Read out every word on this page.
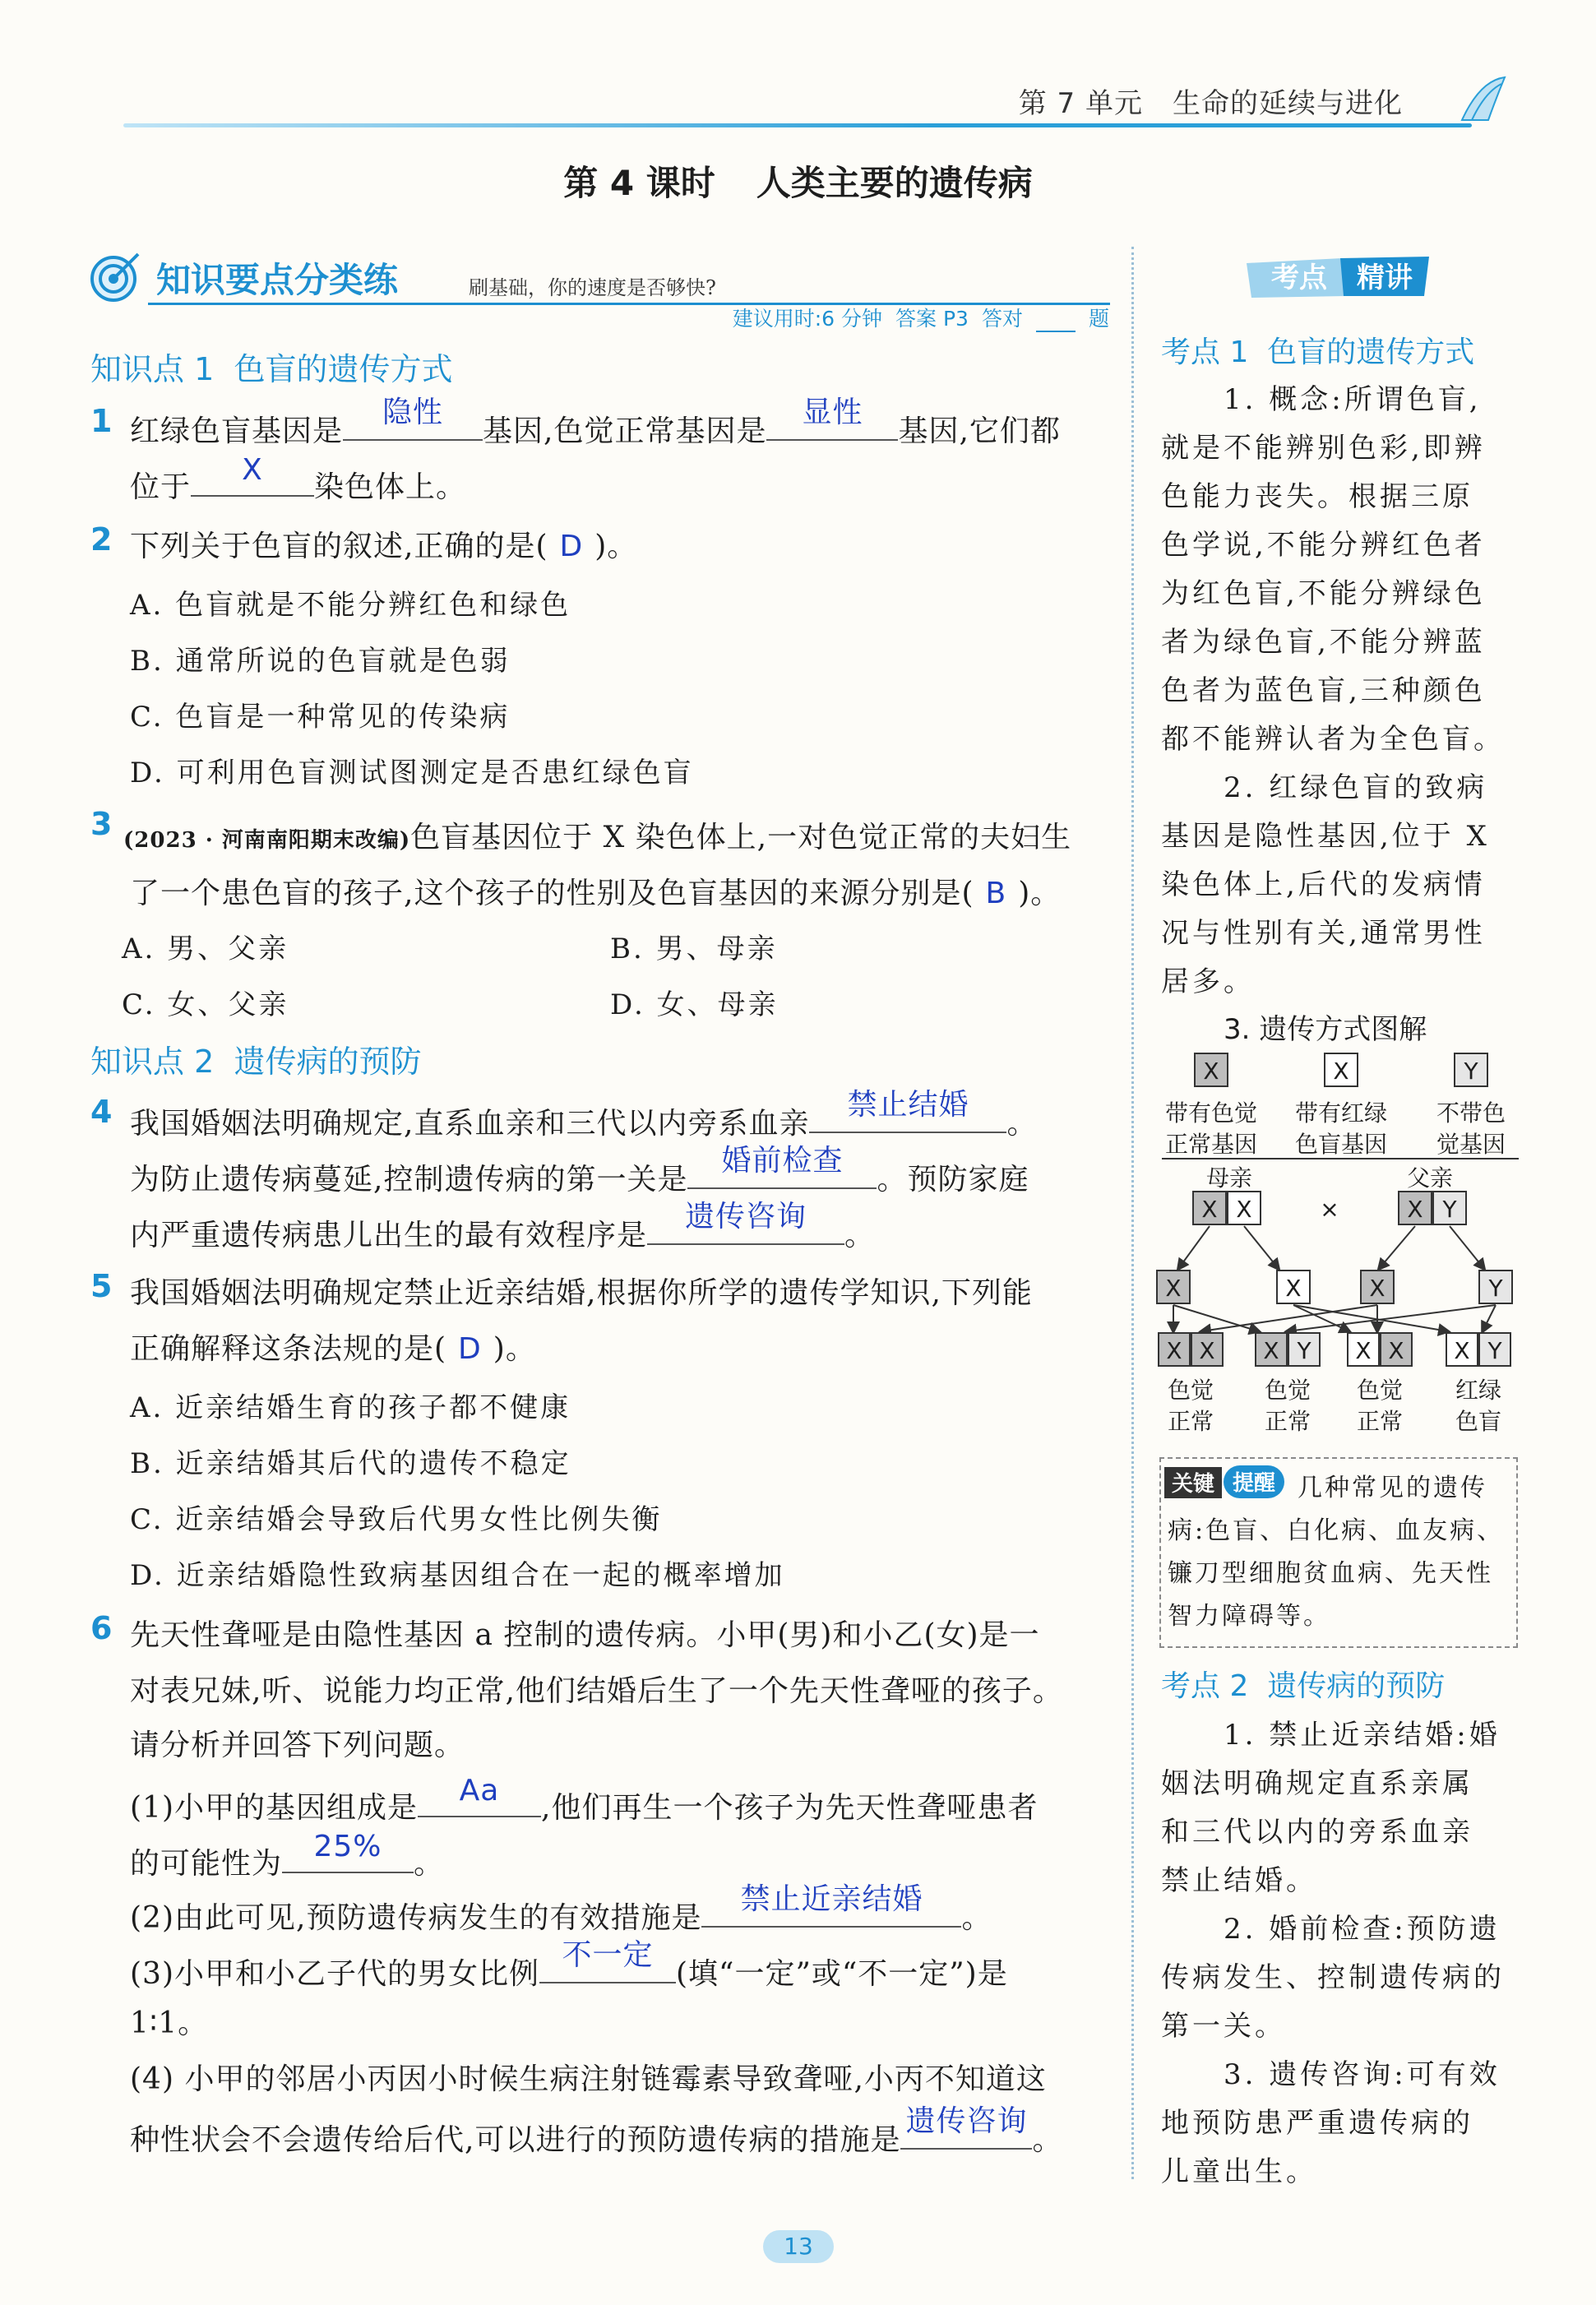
第 7 单元 生命的延续与进化
第 4 课时 人类主要的遗传病
知识要点分类练	刷基础，你的速度是否够快?
建议用时:6 分钟 答案 P3 答对	题
知识点 1 色盲的遗传方式
1 红绿色盲基因是
隐性
基因,色觉正常基因是
显性
基因,它们都
位于
X
染色体上。
2 下列关于色盲的叙述,正确的是( D )。
A. 色盲就是不能分辨红色和绿色
B. 通常所说的色盲就是色弱
C. 色盲是一种常见的传染病
D. 可利用色盲测试图测定是否患红绿色盲
3 (2023 · 河南南阳期末改编)色盲基因位于 X 染色体上,一对色觉正常的夫妇生
了一个患色盲的孩子,这个孩子的性别及色盲基因的来源分别是( B )。
A. 男、父亲	B. 男、母亲
C. 女、父亲	D. 女、母亲
知识点 2 遗传病的预防
4 我国婚姻法明确规定,直系血亲和三代以内旁系血亲
禁止结婚
。
为防止遗传病蔓延,控制遗传病的第一关是
婚前检查
。预防家庭
内严重遗传病患儿出生的最有效程序是
遗传咨询
。
5 我国婚姻法明确规定禁止近亲结婚,根据你所学的遗传学知识,下列能
正确解释这条法规的是( D )。
A. 近亲结婚生育的孩子都不健康
B. 近亲结婚其后代的遗传不稳定
C. 近亲结婚会导致后代男女性比例失衡
D. 近亲结婚隐性致病基因组合在一起的概率增加
6 先天性聋哑是由隐性基因 a 控制的遗传病。小甲(男)和小乙(女)是一
对表兄妹,听、说能力均正常,他们结婚后生了一个先天性聋哑的孩子。
请分析并回答下列问题。
(1)小甲的基因组成是
Aa
,他们再生一个孩子为先天性聋哑患者
的可能性为
25%
。
(2)由此可见,预防遗传病发生的有效措施是
禁止近亲结婚
。
(3)小甲和小乙子代的男女比例
不一定
(填“一定”或“不一定”)是
1∶1。
(4) 小甲的邻居小丙因小时候生病注射链霉素导致聋哑,小丙不知道这
种性状会不会遗传给后代,可以进行的预防遗传病的措施是
遗传咨询
。
考点 精讲
考点 1 色盲的遗传方式
1. 概念:所谓色盲,
就是不能辨别色彩,即辨
色能力丧失。根据三原
色学说,不能分辨红色者
为红色盲,不能分辨绿色
者为绿色盲,不能分辨蓝
色者为蓝色盲,三种颜色
都不能辨认者为全色盲。
2. 红绿色盲的致病
基因是隐性基因,位于 X
染色体上,后代的发病情
况与性别有关,通常男性
居多。
3. 遗传方式图解
X	X	Y
带有色觉
正常基因
带有红绿
色盲基因
不带色
觉基因
母亲	父亲
×
X X	X Y
X	X	X	Y
X X X Y X X X Y
色觉
正常
色觉
正常
色觉
正常
红绿
色盲
关键 提醒 几种常见的遗传
病:色盲、白化病、血友病、
镰刀型细胞贫血病、先天性
智力障碍等。
考点 2 遗传病的预防
1. 禁止近亲结婚:婚
姻法明确规定直系亲属
和三代以内的旁系血亲
禁止结婚。
2. 婚前检查:预防遗
传病发生、控制遗传病的
第一关。
3. 遗传咨询:可有效
地预防患严重遗传病的
儿童出生。
13
